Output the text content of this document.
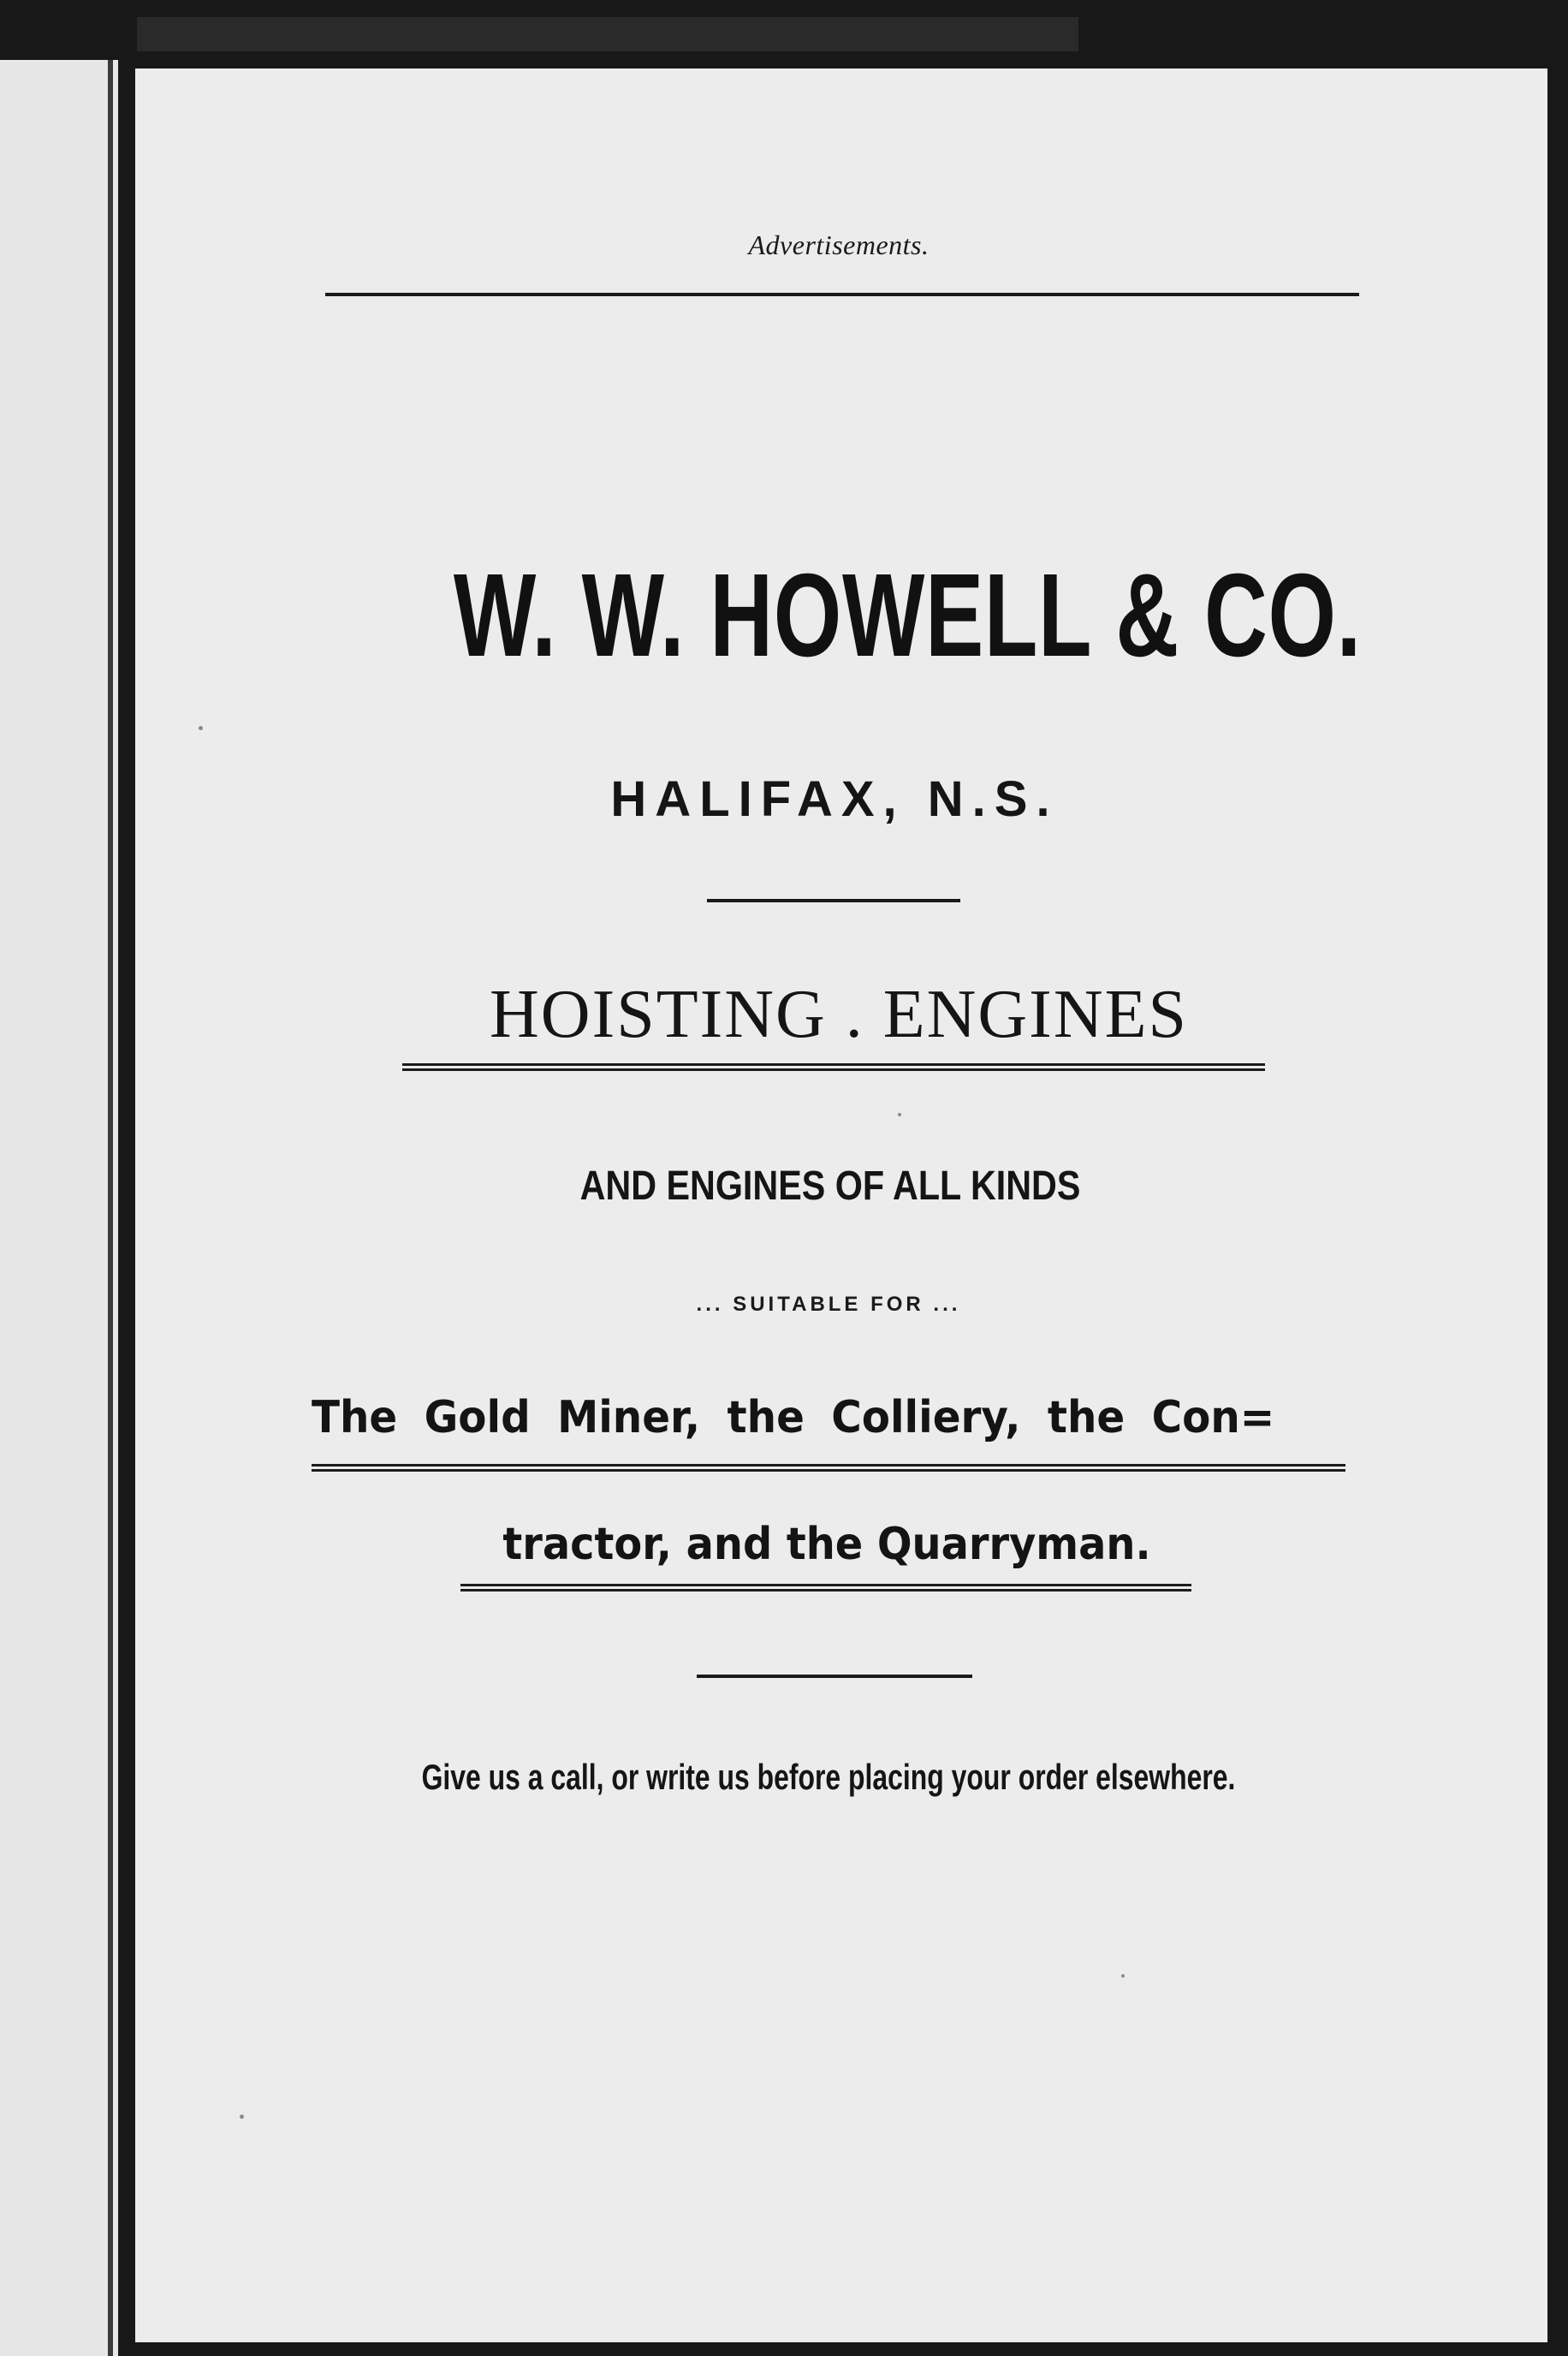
Advertisements.
W. W. HOWELL & CO.
HALIFAX, N.S.
HOISTING . ENGINES
AND ENGINES OF ALL KINDS
... SUITABLE FOR ...
The Gold Miner, the Colliery, the Con=
tractor, and the Quarryman.
Give us a call, or write us before placing your order elsewhere.
